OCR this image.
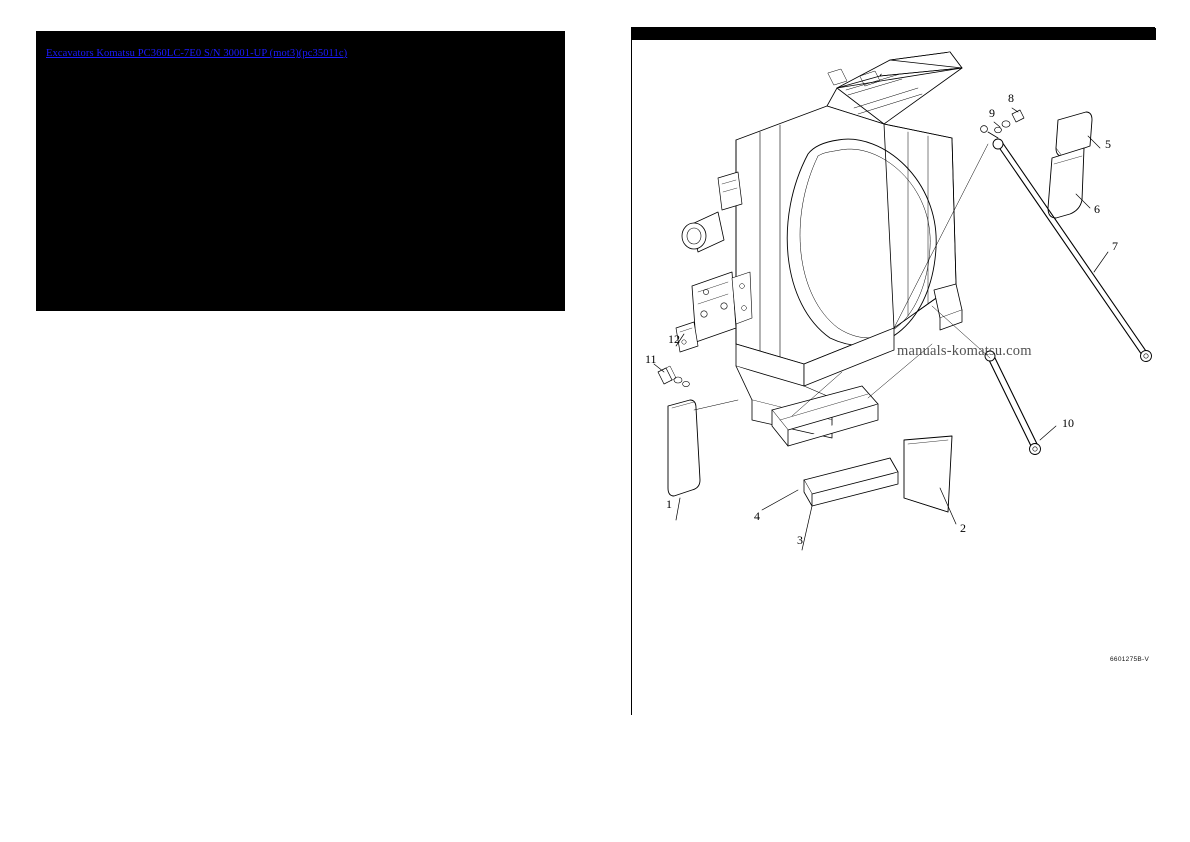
Excavators Komatsu PC360LC-7E0 S/N 30001-UP (mot3)(pc35011c)
manuals-komatsu.com
1
2
3
4
5
6
7
8
9
10
11
12
6601275B-V
